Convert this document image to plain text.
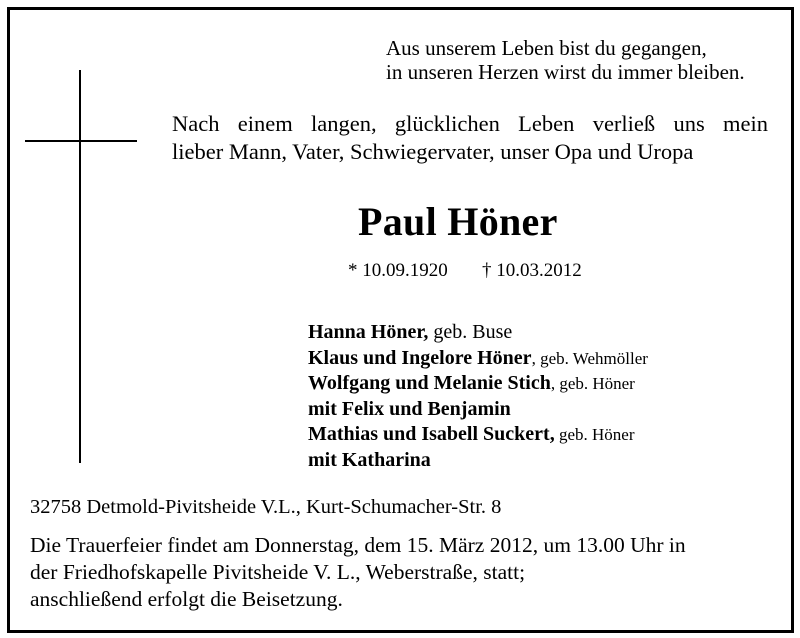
Aus unserem Leben bist du gegangen,
in unseren Herzen wirst du immer bleiben.
Nach einem langen, glücklichen Leben verließ uns mein
lieber Mann, Vater, Schwiegervater, unser Opa und Uropa
Paul Höner
* 10.09.1920 † 10.03.2012
Hanna Höner, geb. Buse
Klaus und Ingelore Höner, geb. Wehmöller
Wolfgang und Melanie Stich, geb. Höner
mit Felix und Benjamin
Mathias und Isabell Suckert, geb. Höner
mit Katharina
32758 Detmold-Pivitsheide V.L., Kurt-Schumacher-Str. 8
Die Trauerfeier findet am Donnerstag, dem 15. März 2012, um 13.00 Uhr in
der Friedhofskapelle Pivitsheide V. L., Weberstraße, statt;
anschließend erfolgt die Beisetzung.
